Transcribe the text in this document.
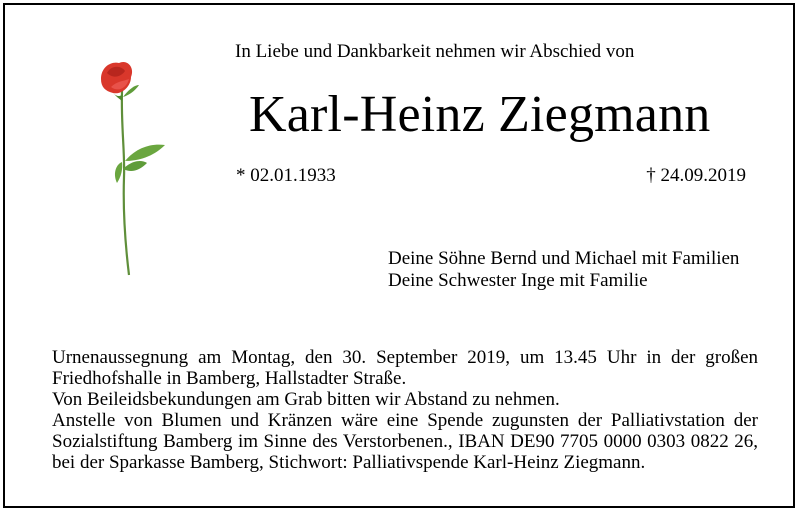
In Liebe und Dankbarkeit nehmen wir Abschied von
Karl-Heinz Ziegmann
* 02.01.1933	† 24.09.2019
Deine Söhne Bernd und Michael mit Familien
Deine Schwester Inge mit Familie
Urnenaussegnung am Montag, den 30. September 2019, um 13.45 Uhr in der großen Friedhofshalle in Bamberg, Hallstadter Straße.
Von Beileidsbekundungen am Grab bitten wir Abstand zu nehmen.
Anstelle von Blumen und Kränzen wäre eine Spende zugunsten der Palliativstation der Sozialstiftung Bamberg im Sinne des Verstorbenen., IBAN DE90 7705 0000 0303 0822 26, bei der Sparkasse Bamberg, Stichwort: Palliativspende Karl-Heinz Ziegmann.
